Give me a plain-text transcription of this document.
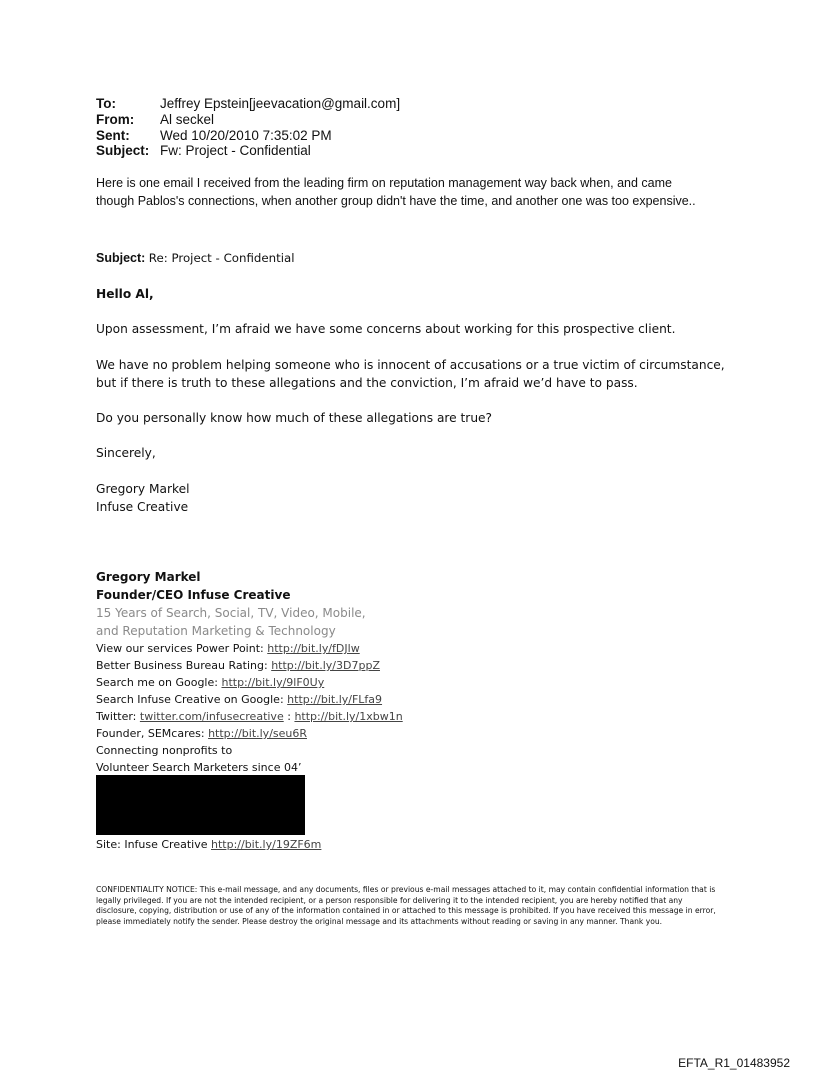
To:	Jeffrey Epstein[jeevacation@gmail.com]
From: Al seckel
Sent: Wed 10/20/2010 7:35:02 PM
Subject: Fw: Project - Confidential

Here is one email I received from the leading firm on reputation management way back when, and came

though Pablos's connections, when another group didn't have the time, and another one was too expensive..

Subject: Re: Project - Confidential
Hello Al,
Upon assessment, I’m afraid we have some concerns about working for this prospective client.
We have no problem helping someone who is innocent of accusations or a true victim of circumstance,
but if there is truth to these allegations and the conviction, I’m afraid we’d have to pass.
Do you personally know how much of these allegations are true?
Sincerely,
Gregory Markel
Infuse Creative
Gregory Markel
Founder/CEO Infuse Creative
15 Years of Search, Social, TV, Video, Mobile,
and Reputation Marketing & Technology
View our services Power Point: http://bit.ly/fDJlw
Better Business Bureau Rating: http://bit.ly/3D7ppZ
Search me on Google: http://bit.ly/9lF0Uy
Search Infuse Creative on Google: http://bit.ly/FLfa9
Twitter: twitter.com/infusecreative : http://bit.ly/1xbw1n
Founder, SEMcares: http://bit.ly/seu6R
Connecting nonprofits to
Volunteer Search Marketers since 04’
Site: Infuse Creative http://bit.ly/19ZF6m
CONFIDENTIALITY NOTICE: This e-mail message, and any documents, files or previous e-mail messages attached to it, may contain confidential information that is legally privileged. If you are not the intended recipient, or a person responsible for delivering it to the intended recipient, you are hereby notified that any disclosure, copying, distribution or use of any of the information contained in or attached to this message is prohibited. If you have received this message in error, please immediately notify the sender. Please destroy the original message and its attachments without reading or saving in any manner. Thank you.
EFTA_R1_01483952
